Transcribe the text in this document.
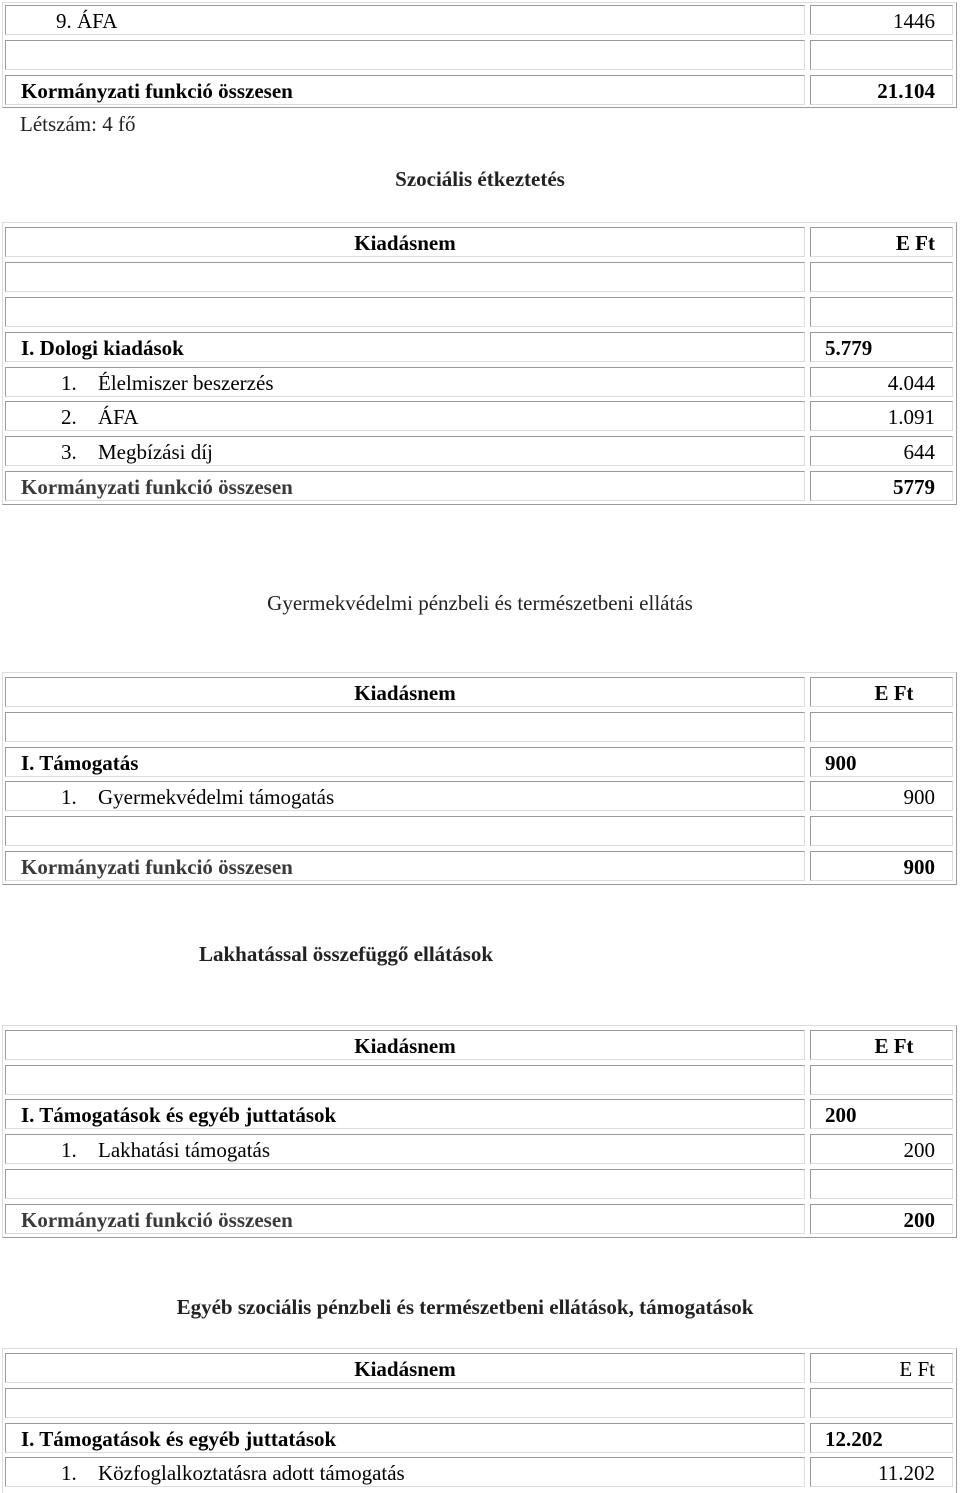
9. ÁFA	1446
Kormányzati funkció összesen	21.104
Létszám: 4 fő
Szociális étkeztetés
Kiadásnem	E Ft
I. Dologi kiadások	5.779
1. Élelmiszer beszerzés	4.044
2. ÁFA	1.091
3. Megbízási díj	644
Kormányzati funkció összesen	5779
Gyermekvédelmi pénzbeli és természetbeni ellátás
Kiadásnem	E Ft
I. Támogatás	900
1. Gyermekvédelmi támogatás	900
Kormányzati funkció összesen	900
Lakhatással összefüggő ellátások
Kiadásnem	E Ft
I. Támogatások és egyéb juttatások	200
1. Lakhatási támogatás	200
Kormányzati funkció összesen	200
Egyéb szociális pénzbeli és természetbeni ellátások, támogatások
Kiadásnem	E Ft
I. Támogatások és egyéb juttatások	12.202
1. Közfoglalkoztatásra adott támogatás	11.202
